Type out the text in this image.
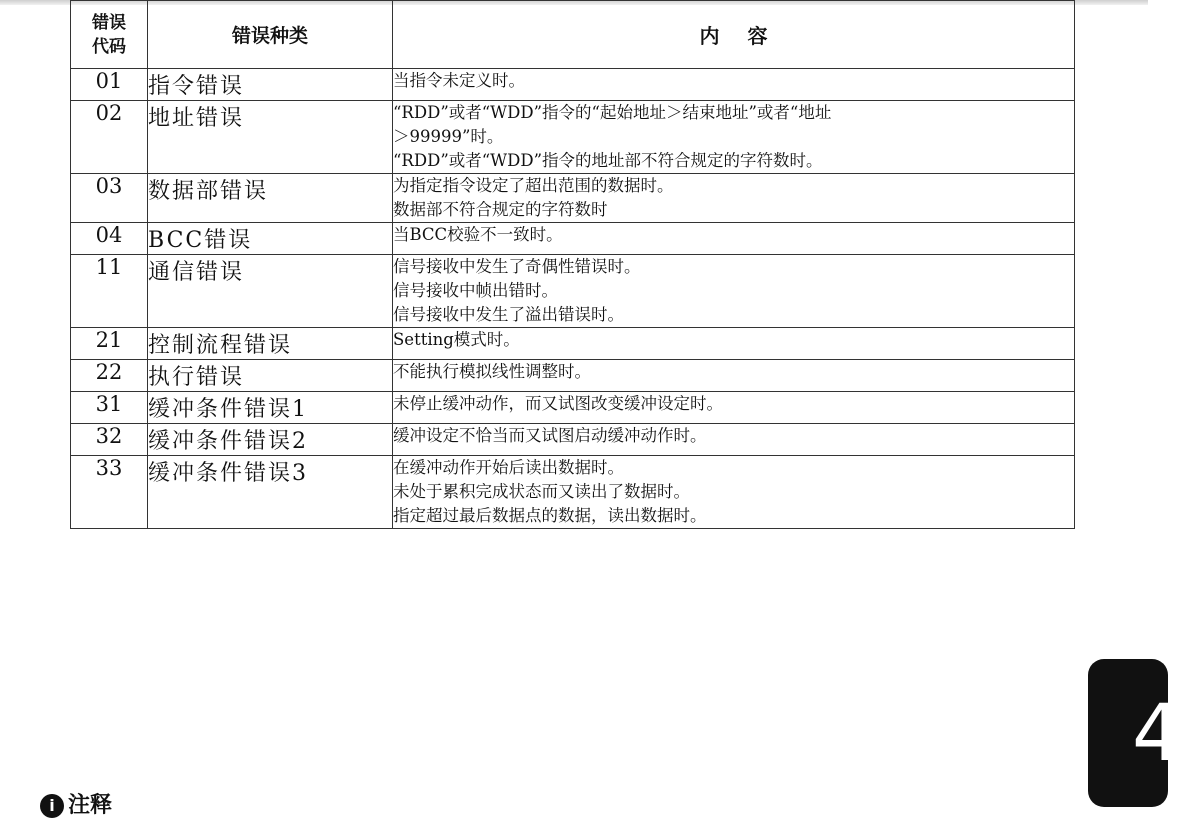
错误
代码	错误种类	内容
01	指令错误	当指令未定义时。

02	地址错误	“RDD”或者“WDD”指令的“起始地址＞结束地址”或者“地址
＞99999”时。
“RDD”或者“WDD”指令的地址部不符合规定的字符数时。

03	数据部错误	为指定指令设定了超出范围的数据时。
数据部不符合规定的字符数时

04	BCC错误	当BCC校验不一致时。

11	通信错误	信号接收中发生了奇偶性错误时。
信号接收中帧出错时。
信号接收中发生了溢出错误时。

21	控制流程错误	Setting模式时。

22	执行错误	不能执行模拟线性调整时。

31	缓冲条件错误1	未停止缓冲动作，而又试图改变缓冲设定时。

32	缓冲条件错误2	缓冲设定不恰当而又试图启动缓冲动作时。

33	缓冲条件错误3	在缓冲动作开始后读出数据时。
未处于累积完成状态而又读出了数据时。
指定超过最后数据点的数据，读出数据时。
4
i 注释
